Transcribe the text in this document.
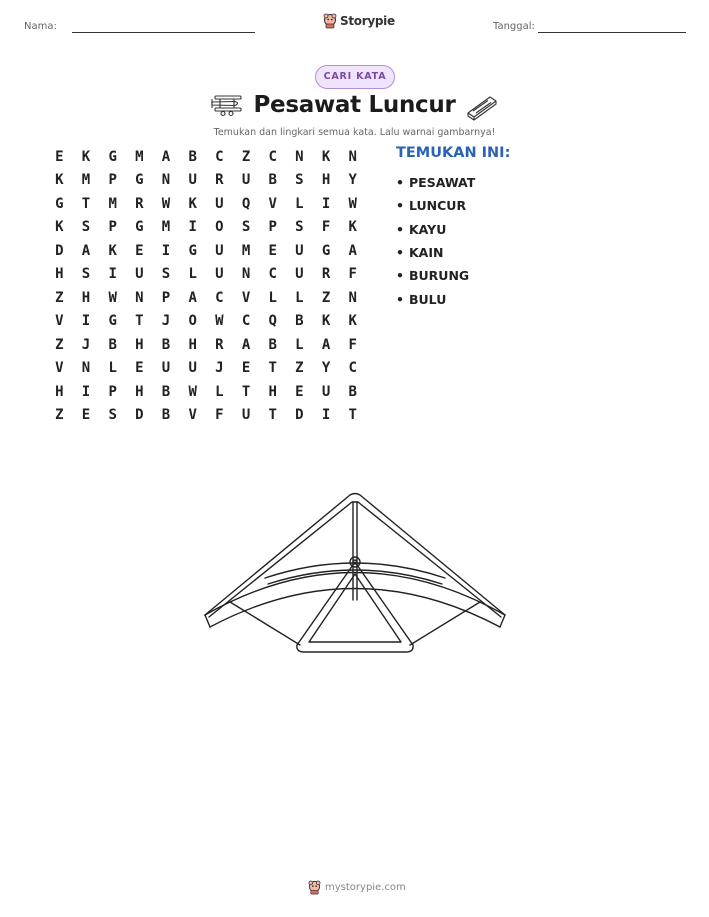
Nama:	Storypie	Tanggal:
CARI KATA
Pesawat Luncur
Temukan dan lingkari semua kata. Lalu warnai gambarnya!
E	K	G	M	A	B	C	Z	C	N	K	N
K	M	P	G	N	U	R	U	B	S	H	Y
G	T	M	R	W	K	U	Q	V	L	I	W
K	S	P	G	M	I	O	S	P	S	F	K
D	A	K	E	I	G	U	M	E	U	G	A
H	S	I	U	S	L	U	N	C	U	R	F
Z	H	W	N	P	A	C	V	L	L	Z	N
V	I	G	T	J	O	W	C	Q	B	K	K
Z	J	B	H	B	H	R	A	B	L	A	F
V	N	L	E	U	U	J	E	T	Z	Y	C
H	I	P	H	B	W	L	T	H	E	U	B
Z	E	S	D	B	V	F	U	T	D	I	T
TEMUKAN INI:
• PESAWAT
• LUNCUR
• KAYU
• KAIN
• BURUNG
• BULU
mystorypie.com
